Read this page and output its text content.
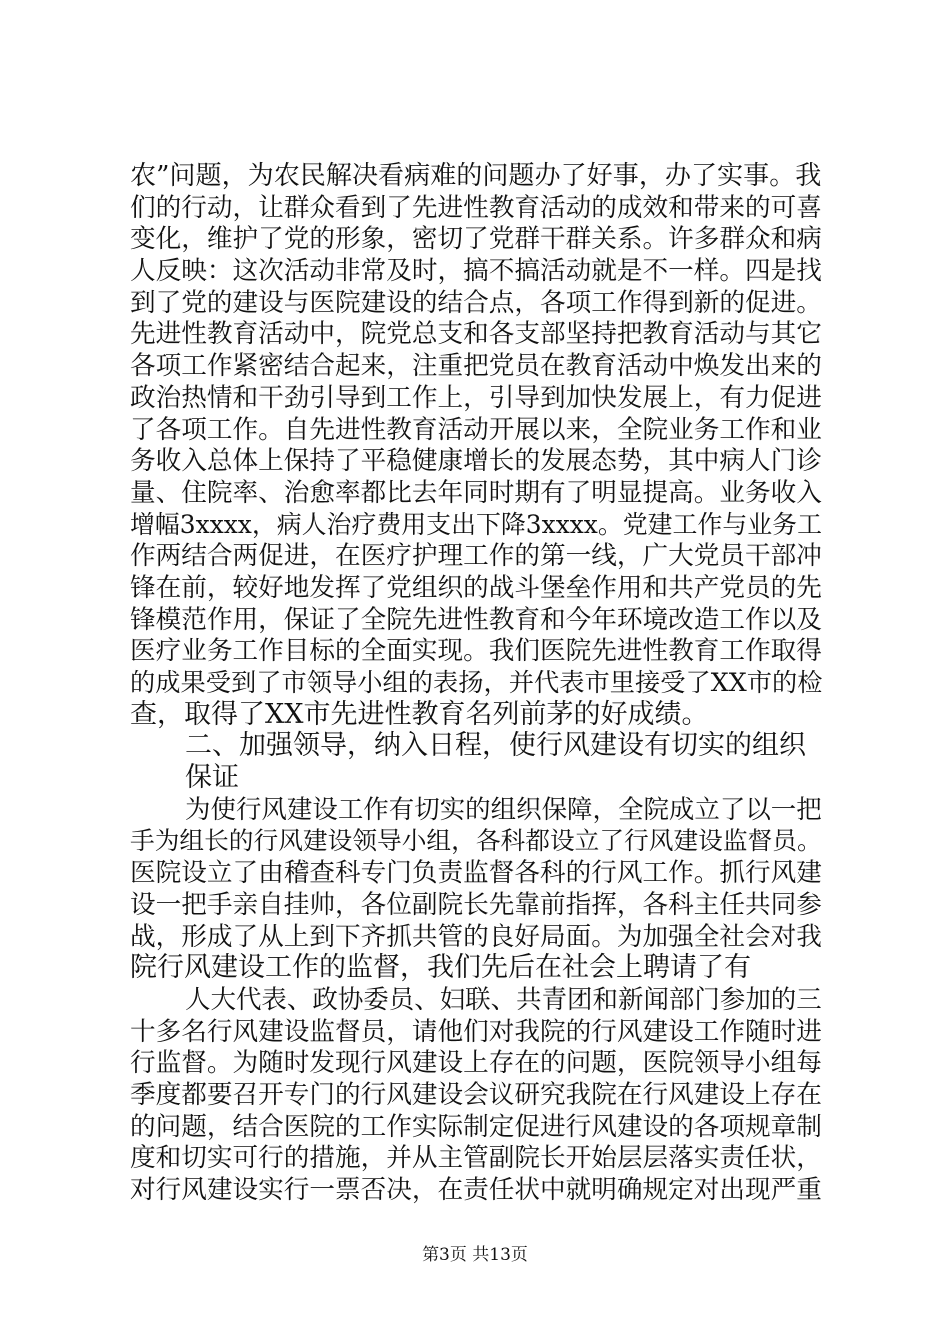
农”问题，为农民解决看病难的问题办了好事，办了实事。我
们的行动，让群众看到了先进性教育活动的成效和带来的可喜
变化，维护了党的形象，密切了党群干群关系。许多群众和病
人反映：这次活动非常及时，搞不搞活动就是不一样。四是找
到了党的建设与医院建设的结合点，各项工作得到新的促进。
先进性教育活动中，院党总支和各支部坚持把教育活动与其它
各项工作紧密结合起来，注重把党员在教育活动中焕发出来的
政治热情和干劲引导到工作上，引导到加快发展上，有力促进
了各项工作。自先进性教育活动开展以来，全院业务工作和业
务收入总体上保持了平稳健康增长的发展态势，其中病人门诊
量、住院率、治愈率都比去年同时期有了明显提高。业务收入
增幅3xxxx，病人治疗费用支出下降3xxxx。党建工作与业务工
作两结合两促进，在医疗护理工作的第一线，广大党员干部冲
锋在前，较好地发挥了党组织的战斗堡垒作用和共产党员的先
锋模范作用，保证了全院先进性教育和今年环境改造工作以及
医疗业务工作目标的全面实现。我们医院先进性教育工作取得
的成果受到了市领导小组的表扬，并代表市里接受了XX市的检
查，取得了XX市先进性教育名列前茅的好成绩。
二、加强领导，纳入日程，使行风建设有切实的组织
保证
为使行风建设工作有切实的组织保障，全院成立了以一把
手为组长的行风建设领导小组，各科都设立了行风建设监督员。
医院设立了由稽查科专门负责监督各科的行风工作。抓行风建
设一把手亲自挂帅，各位副院长先靠前指挥，各科主任共同参
战，形成了从上到下齐抓共管的良好局面。为加强全社会对我
院行风建设工作的监督，我们先后在社会上聘请了有
人大代表、政协委员、妇联、共青团和新闻部门参加的三
十多名行风建设监督员，请他们对我院的行风建设工作随时进
行监督。为随时发现行风建设上存在的问题，医院领导小组每
季度都要召开专门的行风建设会议研究我院在行风建设上存在
的问题，结合医院的工作实际制定促进行风建设的各项规章制
度和切实可行的措施，并从主管副院长开始层层落实责任状，
对行风建设实行一票否决，在责任状中就明确规定对出现严重
第3页 共13页
